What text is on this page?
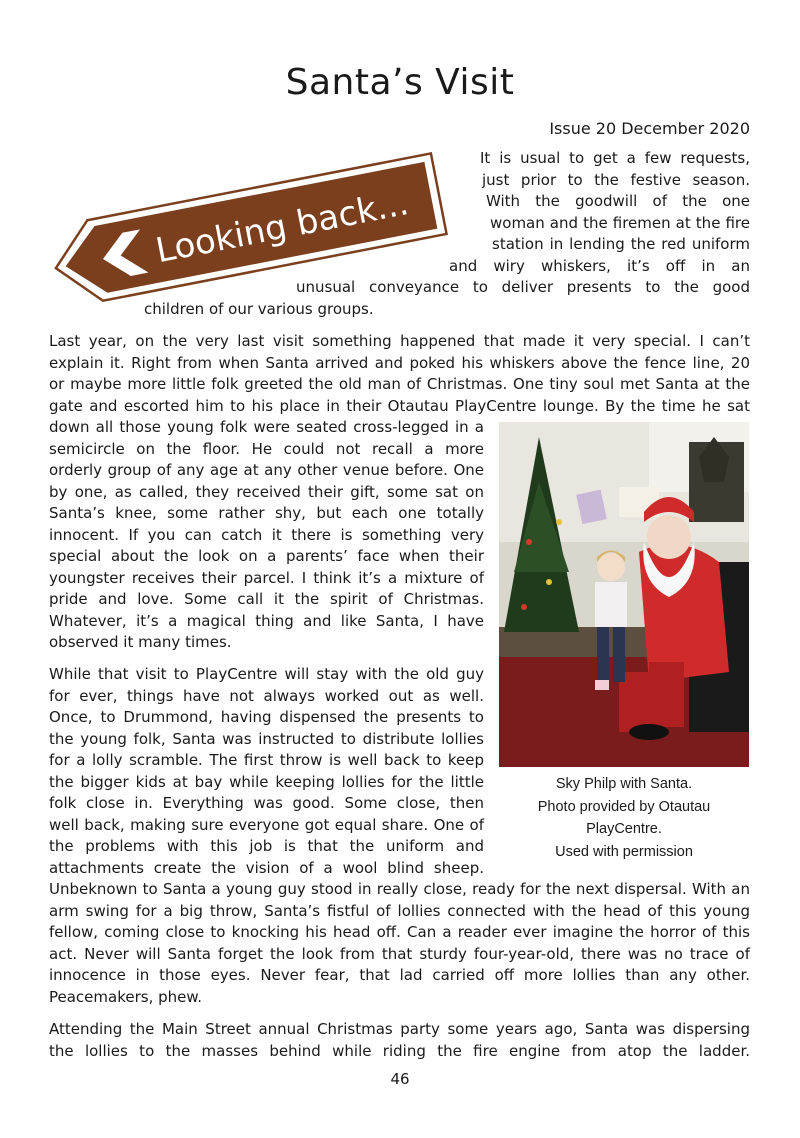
Santa’s Visit
Issue 20 December 2020
Looking back...
It is usual to get a few requests,
just prior to the festive season.
With the goodwill of the one
woman and the firemen at the fire
station in lending the red uniform
and wiry whiskers, it’s off in an
unusual conveyance to deliver presents to the good
children of our various groups.
Last year, on the very last visit something happened that made it very special. I can’t
explain it. Right from when Santa arrived and poked his whiskers above the fence line, 20
or maybe more little folk greeted the old man of Christmas. One tiny soul met Santa at the
gate and escorted him to his place in their Otautau PlayCentre lounge. By the time he sat
down all those young folk were seated cross-legged in a
semicircle on the floor. He could not recall a more
orderly group of any age at any other venue before. One
by one, as called, they received their gift, some sat on
Santa’s knee, some rather shy, but each one totally
innocent. If you can catch it there is something very
special about the look on a parents’ face when their
youngster receives their parcel. I think it’s a mixture of
pride and love. Some call it the spirit of Christmas.
Whatever, it’s a magical thing and like Santa, I have
observed it many times.
While that visit to PlayCentre will stay with the old guy
for ever, things have not always worked out as well.
Once, to Drummond, having dispensed the presents to
the young folk, Santa was instructed to distribute lollies
for a lolly scramble. The first throw is well back to keep
the bigger kids at bay while keeping lollies for the little
folk close in. Everything was good. Some close, then
well back, making sure everyone got equal share. One of
the problems with this job is that the uniform and
attachments create the vision of a wool blind sheep.
Unbeknown to Santa a young guy stood in really close, ready for the next dispersal. With an
arm swing for a big throw, Santa’s fistful of lollies connected with the head of this young
fellow, coming close to knocking his head off. Can a reader ever imagine the horror of this
act. Never will Santa forget the look from that sturdy four-year-old, there was no trace of
innocence in those eyes. Never fear, that lad carried off more lollies than any other.
Peacemakers, phew.
Attending the Main Street annual Christmas party some years ago, Santa was dispersing
the lollies to the masses behind while riding the fire engine from atop the ladder.
Sky Philp with Santa.
Photo provided by Otautau
PlayCentre.
Used with permission
46
